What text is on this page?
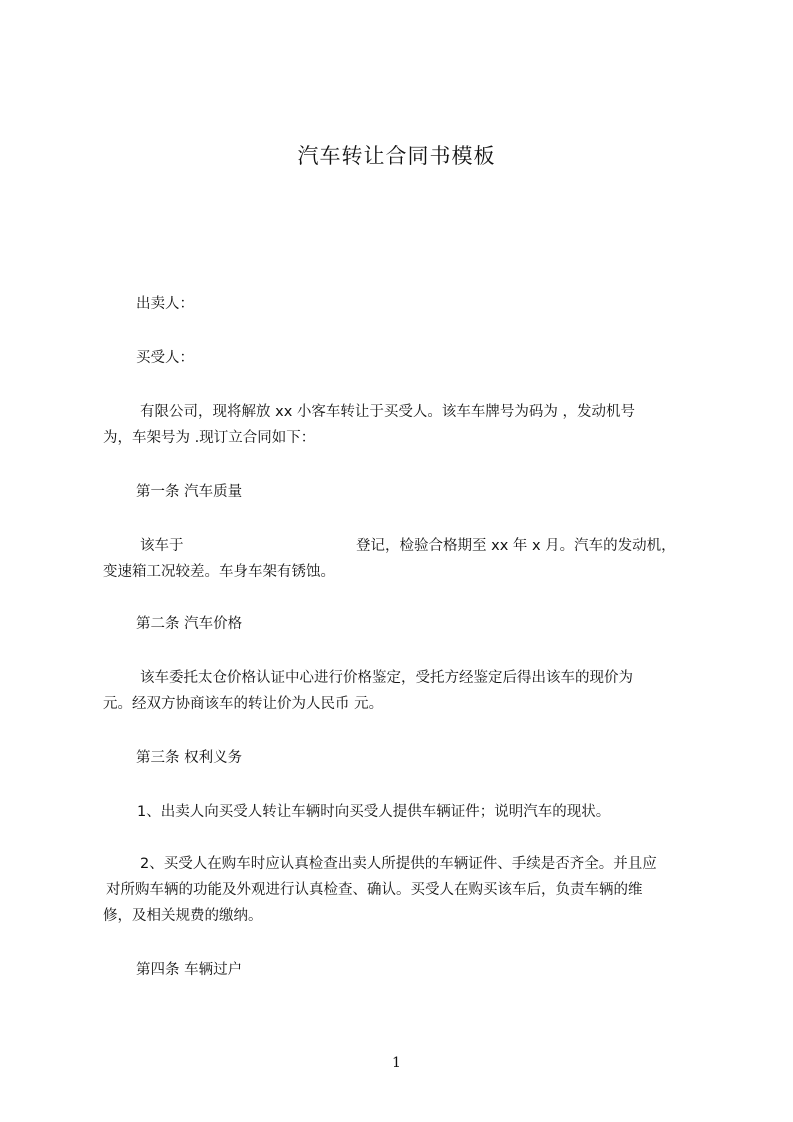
汽车转让合同书模板
出卖人：
买受人：
有限公司，现将解放 xx 小客车转让于买受人。该车车牌号为码为 ，发动机号
为，车架号为 .现订立合同如下：
第一条 汽车质量
该车于	登记，检验合格期至 xx 年 x 月。汽车的发动机，
变速箱工况较差。车身车架有锈蚀。
第二条 汽车价格
该车委托太仓价格认证中心进行价格鉴定，受托方经鉴定后得出该车的现价为
元。经双方协商该车的转让价为人民币 元。
第三条 权利义务
1、出卖人向买受人转让车辆时向买受人提供车辆证件；说明汽车的现状。
2、买受人在购车时应认真检查出卖人所提供的车辆证件、手续是否齐全。并且应
对所购车辆的功能及外观进行认真检查、确认。买受人在购买该车后，负责车辆的维
修，及相关规费的缴纳。
第四条 车辆过户
1
